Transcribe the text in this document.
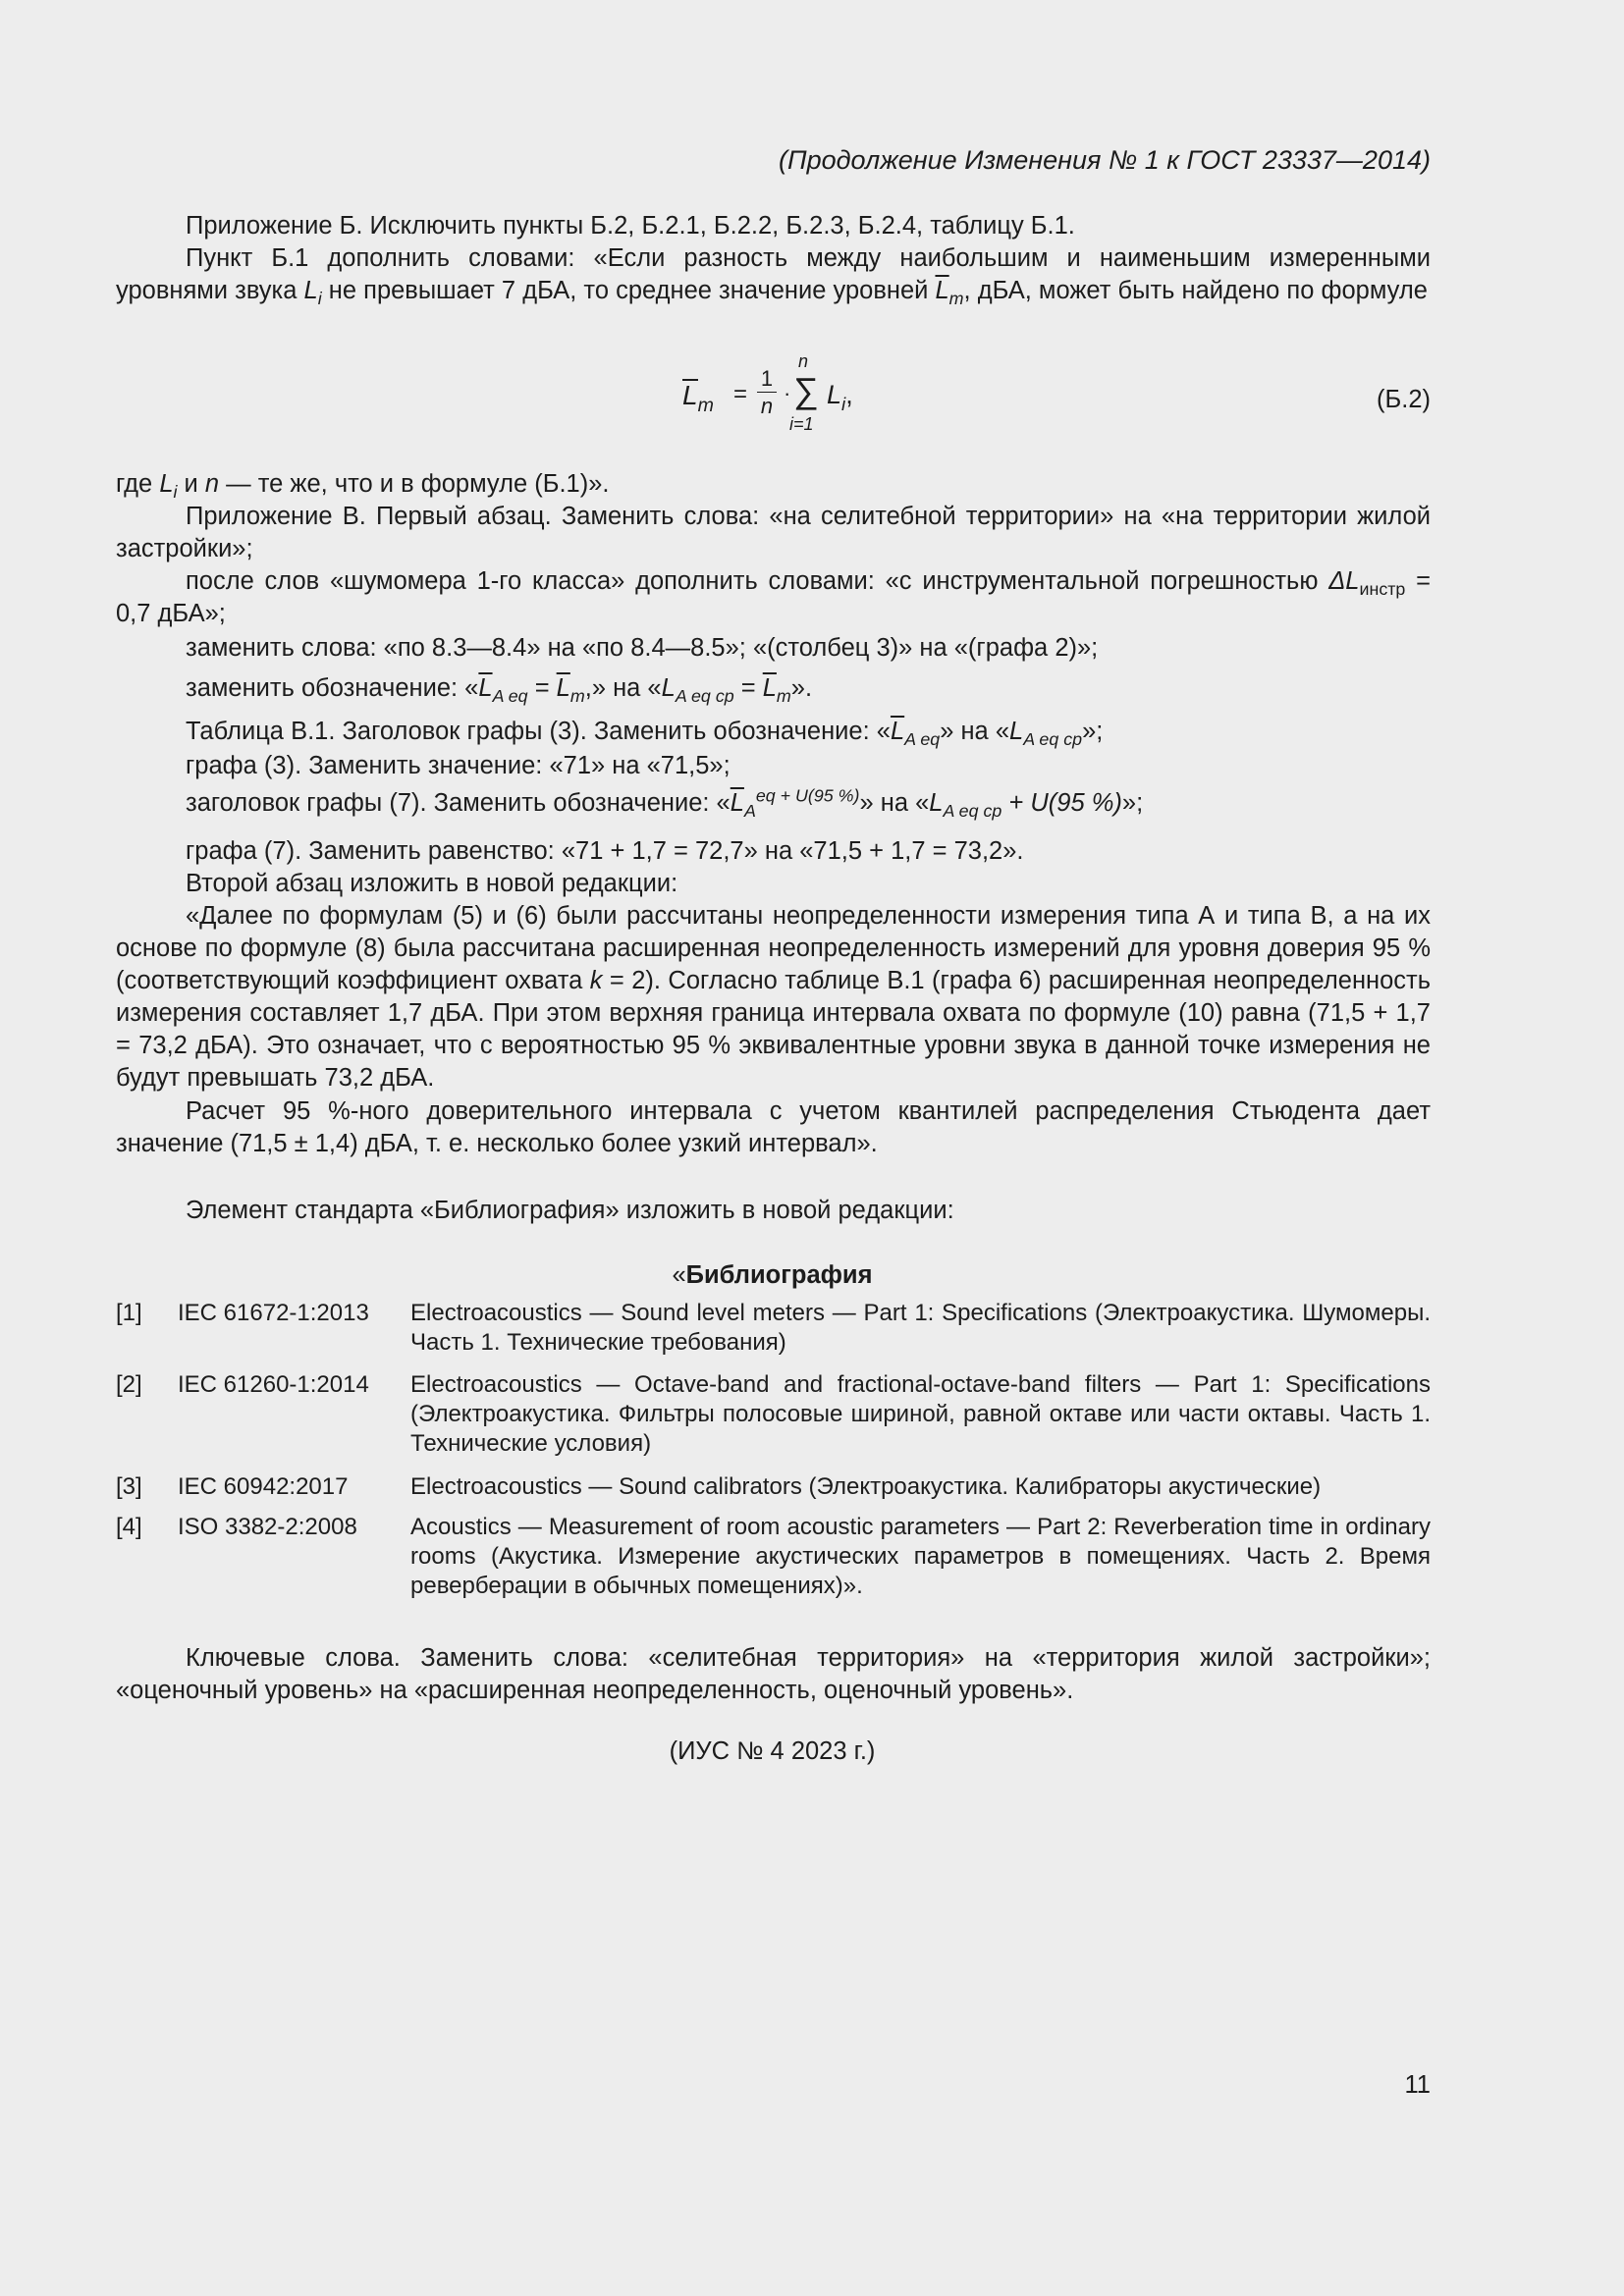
(Продолжение Изменения № 1 к ГОСТ 23337—2014)
Приложение Б. Исключить пункты Б.2, Б.2.1, Б.2.2, Б.2.3, Б.2.4, таблицу Б.1.
Пункт Б.1 дополнить словами: «Если разность между наибольшим и наименьшим измеренными уровнями звука $L_i$ не превышает 7 дБА, то среднее значение уровней $\overline{L}_m$, дБА, может быть найдено по формуле
$L_m$ =
1
n
·
n
∑
i=1
$L_i$,	(Б.2)
где $L_i$ и n — те же, что и в формуле (Б.1)».
Приложение В. Первый абзац. Заменить слова: «на селитебной территории» на «на территории жилой застройки»;
после слов «шумомера 1-го класса» дополнить словами: «с инструментальной погрешностью $\Delta L_{инстр} = 0,7$ дБА»;
заменить слова: «по 8.3—8.4» на «по 8.4—8.5»; «(столбец 3)» на «(графа 2)»;
заменить обозначение: «$\overline{L}_{A eq} = \overline{L}_m$,» на «$L_{A eq ср} = \overline{L}_m$».
Таблица В.1. Заголовок графы (3). Заменить обозначение: «$\overline{L}_{A eq}$» на «$L_{A eq ср}$»;
графа (3). Заменить значение: «71» на «71,5»;
заголовок графы (7). Заменить обозначение: «$\overline{L}_A^{eq + U(95 \%)}$» на «$L_{A eq ср} + U(95$ %)»;
графа (7). Заменить равенство: «71 + 1,7 = 72,7» на «71,5 + 1,7 = 73,2».
Второй абзац изложить в новой редакции:
«Далее по формулам (5) и (6) были рассчитаны неопределенности измерения типа А и типа В, а на их основе по формуле (8) была рассчитана расширенная неопределенность измерений для уровня доверия 95 % (соответствующий коэффициент охвата k = 2). Согласно таблице В.1 (графа 6) расширенная неопределенность измерения составляет 1,7 дБА. При этом верхняя граница интервала охвата по формуле (10) равна (71,5 + 1,7 = 73,2 дБА). Это означает, что с вероятностью 95 % эквивалентные уровни звука в данной точке измерения не будут превышать 73,2 дБА.
Расчет 95 %-ного доверительного интервала с учетом квантилей распределения Стьюдента дает значение (71,5 ± 1,4) дБА, т. е. несколько более узкий интервал».
Элемент стандарта «Библиография» изложить в новой редакции:
«Библиография
[1] IEC 61672-1:2013 Electroacoustics — Sound level meters — Part 1: Specifications (Электроакустика. Шумомеры. Часть 1. Технические требования)
[2] IEC 61260-1:2014 Electroacoustics — Octave-band and fractional-octave-band filters — Part 1: Specifications (Электроакустика. Фильтры полосовые шириной, равной октаве или части октавы. Часть 1. Технические условия)
[3] IEC 60942:2017	Electroacoustics — Sound calibrators (Электроакустика. Калибраторы акустические)
[4] ISO 3382-2:2008 Acoustics — Measurement of room acoustic parameters — Part 2: Reverberation time in ordinary rooms (Акустика. Измерение акустических параметров в помещениях. Часть 2. Время реверберации в обычных помещениях)».
Ключевые слова. Заменить слова: «селитебная территория» на «территория жилой застройки»; «оценочный уровень» на «расширенная неопределенность, оценочный уровень».
(ИУС № 4 2023 г.)
11
